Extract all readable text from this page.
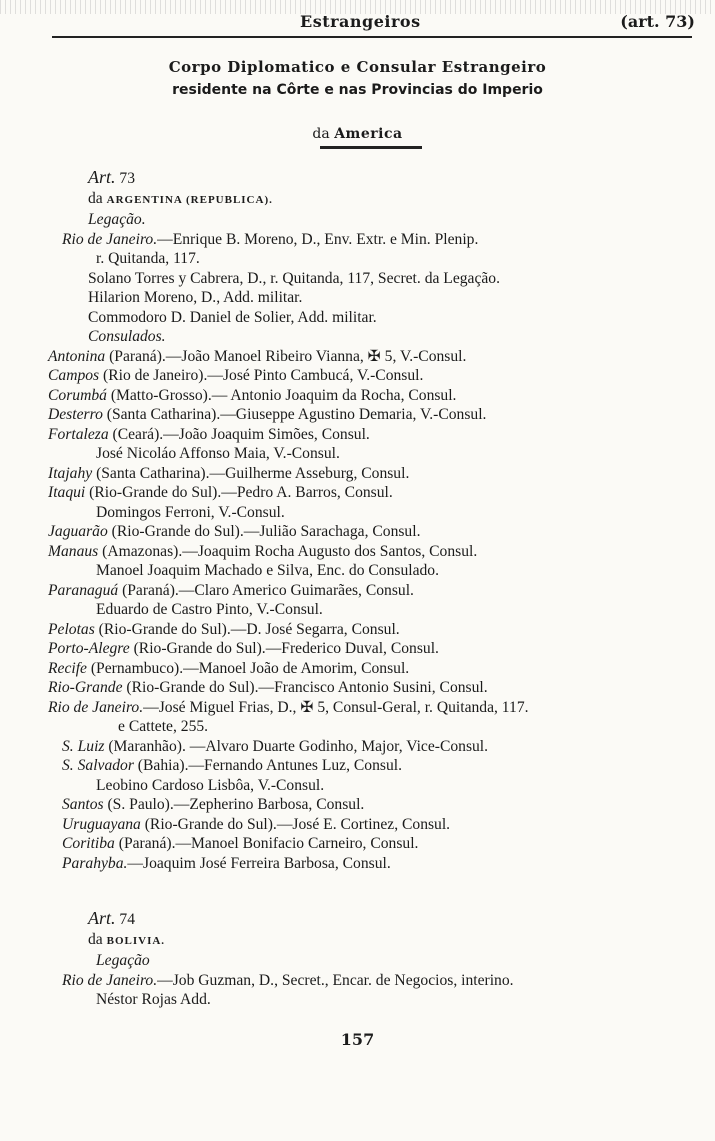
Estrangeiros	(art. 73)
Corpo Diplomatico e Consular Estrangeiro
residente na Côrte e nas Provincias do Imperio
da America
Art. 73
da ARGENTINA (REPUBLICA).
Legação.
Rio de Janeiro.—Enrique B. Moreno, D., Env. Extr. e Min. Plenip.
r. Quitanda, 117.
Solano Torres y Cabrera, D., r. Quitanda, 117, Secret. da Legação.
Hilarion Moreno, D., Add. militar.
Commodoro D. Daniel de Solier, Add. militar.
Consulados.
Antonina (Paraná).—João Manoel Ribeiro Vianna, ✠ 5, V.-Consul.
Campos (Rio de Janeiro).—José Pinto Cambucá, V.-Consul.
Corumbá (Matto-Grosso).— Antonio Joaquim da Rocha, Consul.
Desterro (Santa Catharina).—Giuseppe Agustino Demaria, V.-Consul.
Fortaleza (Ceará).—João Joaquim Simões, Consul.
José Nicoláo Affonso Maia, V.-Consul.
Itajahy (Santa Catharina).—Guilherme Asseburg, Consul.
Itaqui (Rio-Grande do Sul).—Pedro A. Barros, Consul.
Domingos Ferroni, V.-Consul.
Jaguarão (Rio-Grande do Sul).—Julião Sarachaga, Consul.
Manaus (Amazonas).—Joaquim Rocha Augusto dos Santos, Consul.
Manoel Joaquim Machado e Silva, Enc. do Consulado.
Paranaguá (Paraná).—Claro Americo Guimarães, Consul.
Eduardo de Castro Pinto, V.-Consul.
Pelotas (Rio-Grande do Sul).—D. José Segarra, Consul.
Porto-Alegre (Rio-Grande do Sul).—Frederico Duval, Consul.
Recife (Pernambuco).—Manoel João de Amorim, Consul.
Rio-Grande (Rio-Grande do Sul).—Francisco Antonio Susini, Consul.
Rio de Janeiro.—José Miguel Frias, D., ✠ 5, Consul-Geral, r. Quitanda, 117.
e Cattete, 255.
S. Luiz (Maranhão). —Alvaro Duarte Godinho, Major, Vice-Consul.
S. Salvador (Bahia).—Fernando Antunes Luz, Consul.
Leobino Cardoso Lisbôa, V.-Consul.
Santos (S. Paulo).—Zepherino Barbosa, Consul.
Uruguayana (Rio-Grande do Sul).—José E. Cortinez, Consul.
Coritiba (Paraná).—Manoel Bonifacio Carneiro, Consul.
Parahyba.—Joaquim José Ferreira Barbosa, Consul.
Art. 74
da BOLIVIA.
Legação
Rio de Janeiro.—Job Guzman, D., Secret., Encar. de Negocios, interino.
Néstor Rojas Add.
157
